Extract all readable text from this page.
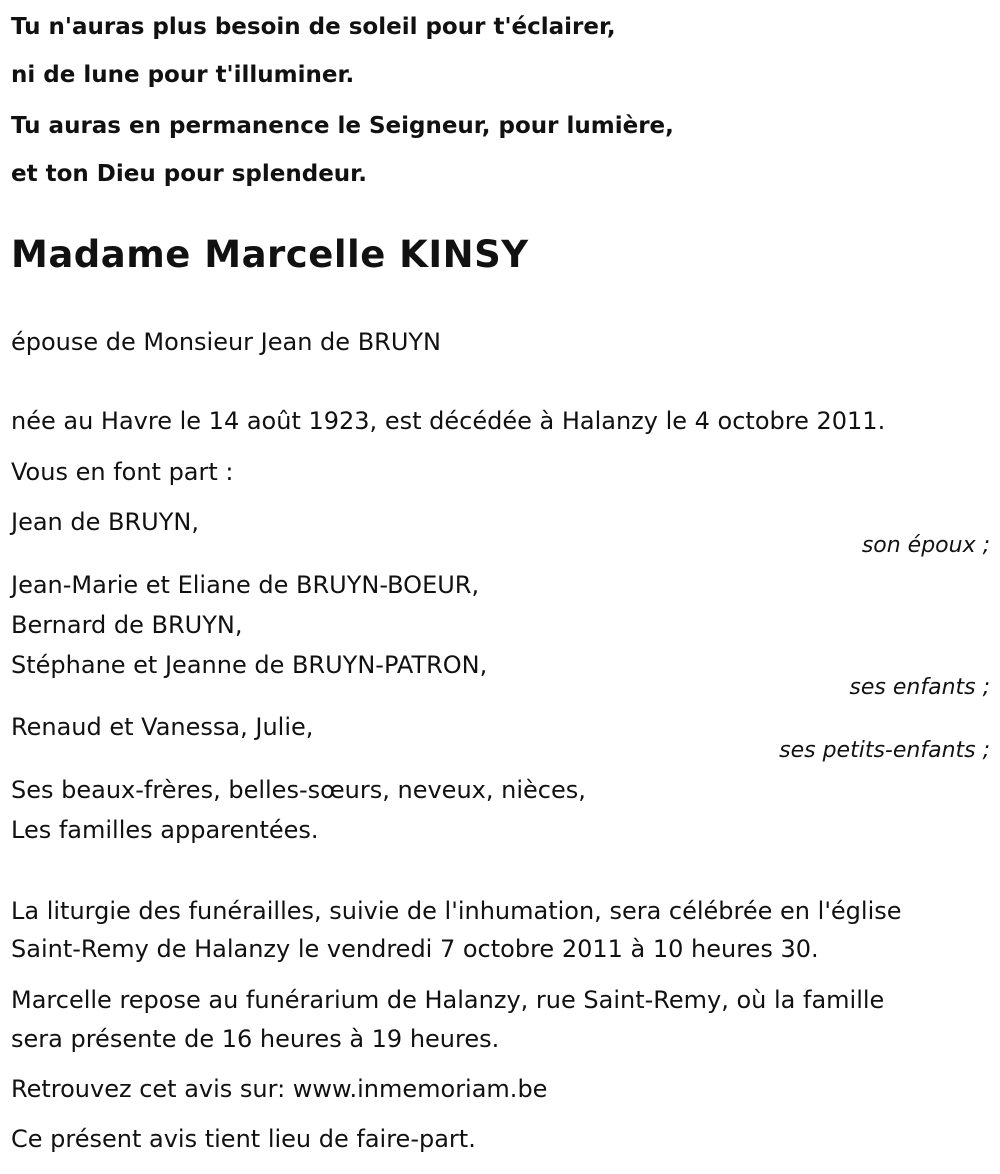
Tu n'auras plus besoin de soleil pour t'éclairer,
ni de lune pour t'illuminer.
Tu auras en permanence le Seigneur, pour lumière,
et ton Dieu pour splendeur.
Madame Marcelle KINSY
épouse de Monsieur Jean de BRUYN
née au Havre le 14 août 1923, est décédée à Halanzy le 4 octobre 2011.
Vous en font part :
Jean de BRUYN,
son époux ;
Jean-Marie et Eliane de BRUYN-BOEUR,
Bernard de BRUYN,
Stéphane et Jeanne de BRUYN-PATRON,
ses enfants ;
Renaud et Vanessa, Julie,
ses petits-enfants ;
Ses beaux-frères, belles-sœurs, neveux, nièces,
Les familles apparentées.
La liturgie des funérailles, suivie de l'inhumation, sera célébrée en l'église
Saint-Remy de Halanzy le vendredi 7 octobre 2011 à 10 heures 30.
Marcelle repose au funérarium de Halanzy, rue Saint-Remy, où la famille
sera présente de 16 heures à 19 heures.
Retrouvez cet avis sur: www.inmemoriam.be
Ce présent avis tient lieu de faire-part.
